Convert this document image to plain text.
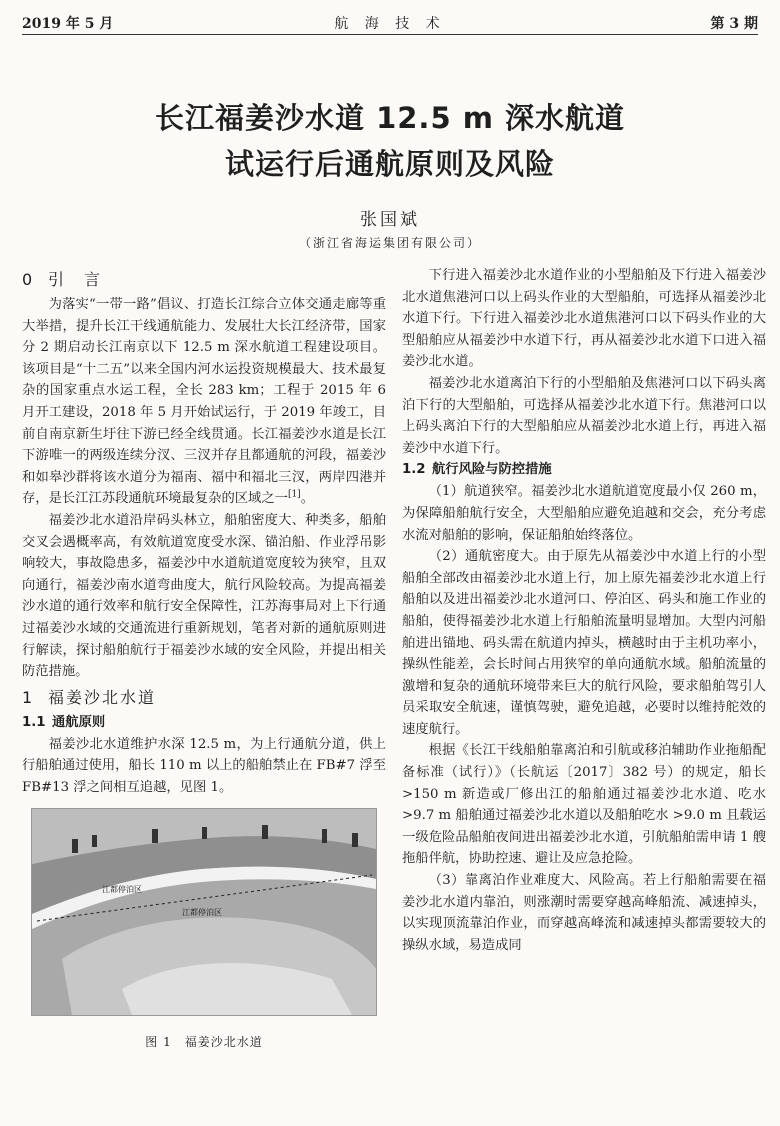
2019 年 5 月	航 海 技 术	第 3 期
长江福姜沙水道 12.5 m 深水航道
试运行后通航原则及风险
张国斌
（浙江省海运集团有限公司）
0 引　言

为落实“一带一路”倡议、打造长江综合立体交通走廊等重大举措，提升长江干线通航能力、发展壮大长江经济带，国家分 2 期启动长江南京以下 12.5 m 深水航道工程建设项目。该项目是“十二五”以来全国内河水运投资规模最大、技术最复杂的国家重点水运工程，全长 283 km；工程于 2015 年 6 月开工建设，2018 年 5 月开始试运行，于 2019 年竣工，目前自南京新生圩往下游已经全线贯通。长江福姜沙水道是长江下游唯一的两级连续分汊、三汊并存且都通航的河段，福姜沙和如皋沙群将该水道分为福南、福中和福北三汊，两岸四港并存，是长江江苏段通航环境最复杂的区域之一[1]。

福姜沙北水道沿岸码头林立，船舶密度大、种类多，船舶交叉会遇概率高，有效航道宽度受水深、锚泊船、作业浮吊影响较大，事故隐患多，福姜沙中水道航道宽度较为狭窄，且双向通行，福姜沙南水道弯曲度大，航行风险较高。为提高福姜沙水道的通行效率和航行安全保障性，江苏海事局对上下行通过福姜沙水域的交通流进行重新规划，笔者对新的通航原则进行解读，探讨船舶航行于福姜沙水域的安全风险，并提出相关防范措施。

1 福姜沙北水道
1.1 通航原则

福姜沙北水道维护水深 12.5 m，为上行通航分道，供上行船舶通过使用，船长 110 m 以上的船舶禁止在 FB#7 浮至 FB#13 浮之间相互追越，见图 1。

江都停泊区
江都停泊区
图 1　福姜沙北水道

下行进入福姜沙北水道作业的小型船舶及下行进入福姜沙北水道焦港河口以上码头作业的大型船舶，可选择从福姜沙北水道下行。下行进入福姜沙北水道焦港河口以下码头作业的大型船舶应从福姜沙中水道下行，再从福姜沙北水道下口进入福姜沙北水道。

福姜沙北水道离泊下行的小型船舶及焦港河口以下码头离泊下行的大型船舶，可选择从福姜沙北水道下行。焦港河口以上码头离泊下行的大型船舶应从福姜沙北水道上行，再进入福姜沙中水道下行。

1.2 航行风险与防控措施

（1）航道狭窄。福姜沙北水道航道宽度最小仅 260 m，为保障船舶航行安全，大型船舶应避免追越和交会，充分考虑水流对船舶的影响，保证船舶始终落位。

（2）通航密度大。由于原先从福姜沙中水道上行的小型船舶全部改由福姜沙北水道上行，加上原先福姜沙北水道上行船舶以及进出福姜沙北水道河口、停泊区、码头和施工作业的船舶，使得福姜沙北水道上行船舶流量明显增加。大型内河船舶进出锚地、码头需在航道内掉头，横越时由于主机功率小，操纵性能差，会长时间占用狭窄的单向通航水域。船舶流量的激增和复杂的通航环境带来巨大的航行风险，要求船舶驾引人员采取安全航速，谨慎驾驶，避免追越，必要时以维持舵效的速度航行。

根据《长江干线船舶靠离泊和引航或移泊辅助作业拖船配备标准（试行）》（长航运〔2017〕382 号）的规定，船长 >150 m 新造或厂修出江的船舶通过福姜沙北水道、吃水 >9.7 m 船舶通过福姜沙北水道以及船舶吃水 >9.0 m 且载运一级危险品船舶夜间进出福姜沙北水道，引航船舶需申请 1 艘拖船伴航，协助控速、避让及应急抢险。

（3）靠离泊作业难度大、风险高。若上行船舶需要在福姜沙北水道内靠泊，则涨潮时需要穿越高峰船流、减速掉头，以实现顶流靠泊作业，而穿越高峰流和减速掉头都需要较大的操纵水域，易造成同
